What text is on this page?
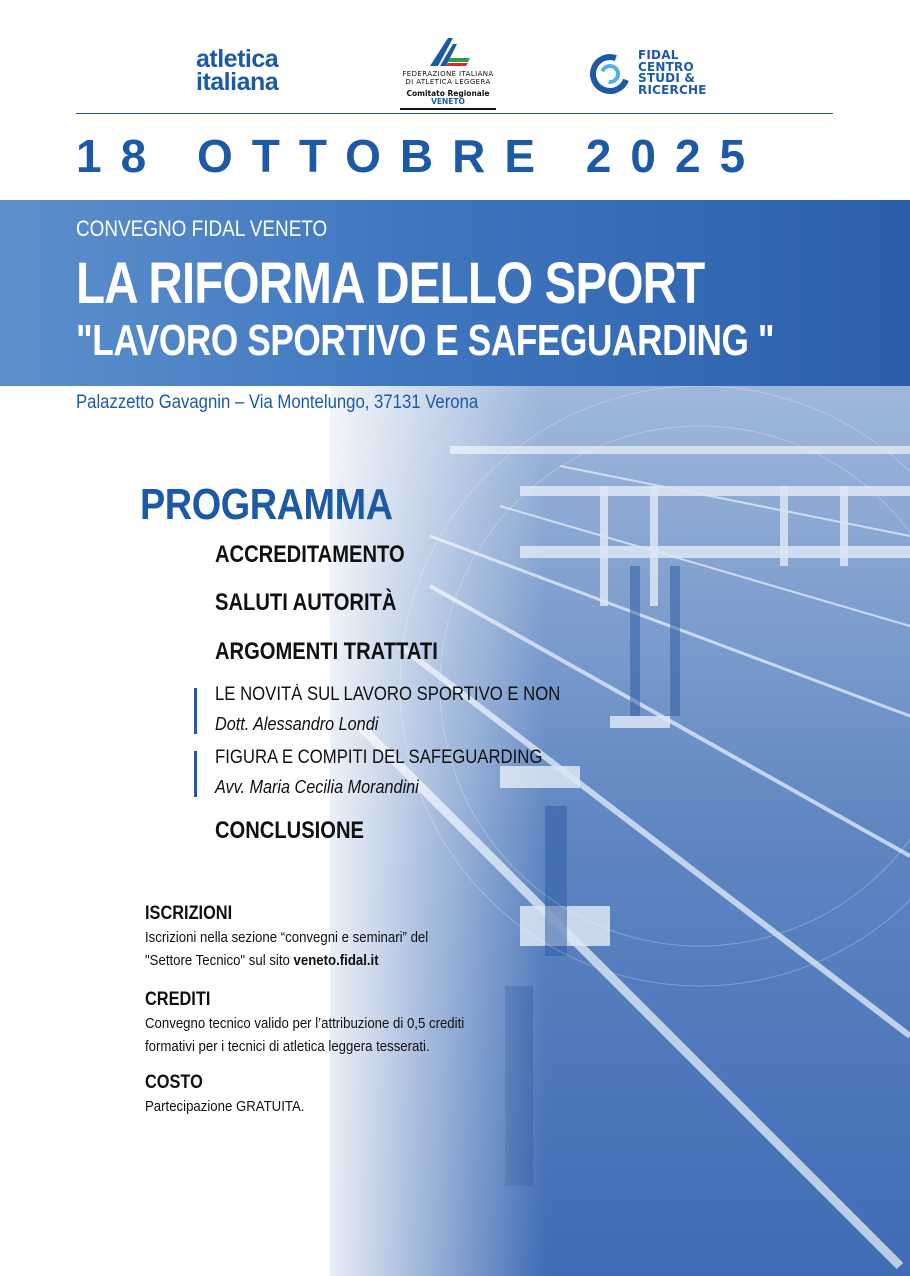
atletica
italiana	FEDERAZIONE ITALIANA
DI ATLETICA LEGGERA
Comitato Regionale VENETO
FIDAL
CENTRO
STUDI &
RICERCHE
18 OTTOBRE 2025
CONVEGNO FIDAL VENETO
LA RIFORMA DELLO SPORT
"LAVORO SPORTIVO E SAFEGUARDING "
Palazzetto Gavagnin – Via Montelungo, 37131 Verona
PROGRAMMA
ACCREDITAMENTO
SALUTI AUTORITÀ
ARGOMENTI TRATTATI
LE NOVITÀ SUL LAVORO SPORTIVO E NON
Dott. Alessandro Londi
FIGURA E COMPITI DEL SAFEGUARDING
Avv. Maria Cecilia Morandini
CONCLUSIONE
ISCRIZIONI
Iscrizioni nella sezione “convegni e seminari” del
"Settore Tecnico" sul sito veneto.fidal.it
CREDITI
Convegno tecnico valido per l’attribuzione di 0,5 crediti
formativi per i tecnici di atletica leggera tesserati.
COSTO
Partecipazione GRATUITA.
